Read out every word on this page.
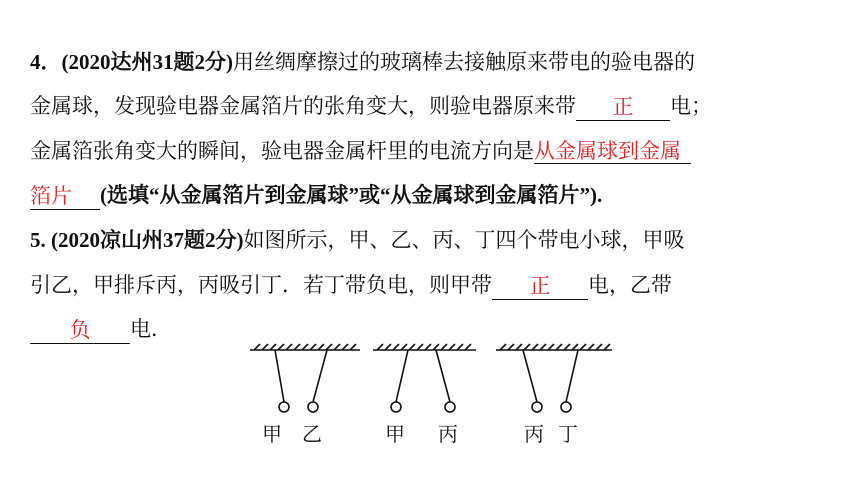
4．(2020达州31题2分)用丝绸摩擦过的玻璃棒去接触原来带电的验电器的
金属球，发现验电器金属箔片的张角变大，则验电器原来带 正 电；
金属箔张角变大的瞬间，验电器金属杆里的电流方向是从金属球到金属
箔片 (选填“从金属箔片到金属球”或“从金属球到金属箔片”).
5. (2020凉山州37题2分)如图所示，甲、乙、丙、丁四个带电小球，甲吸
引乙，甲排斥丙，丙吸引丁．若丁带负电，则甲带 正 电，乙带
负 电．
甲 乙	甲 丙	丙 丁
